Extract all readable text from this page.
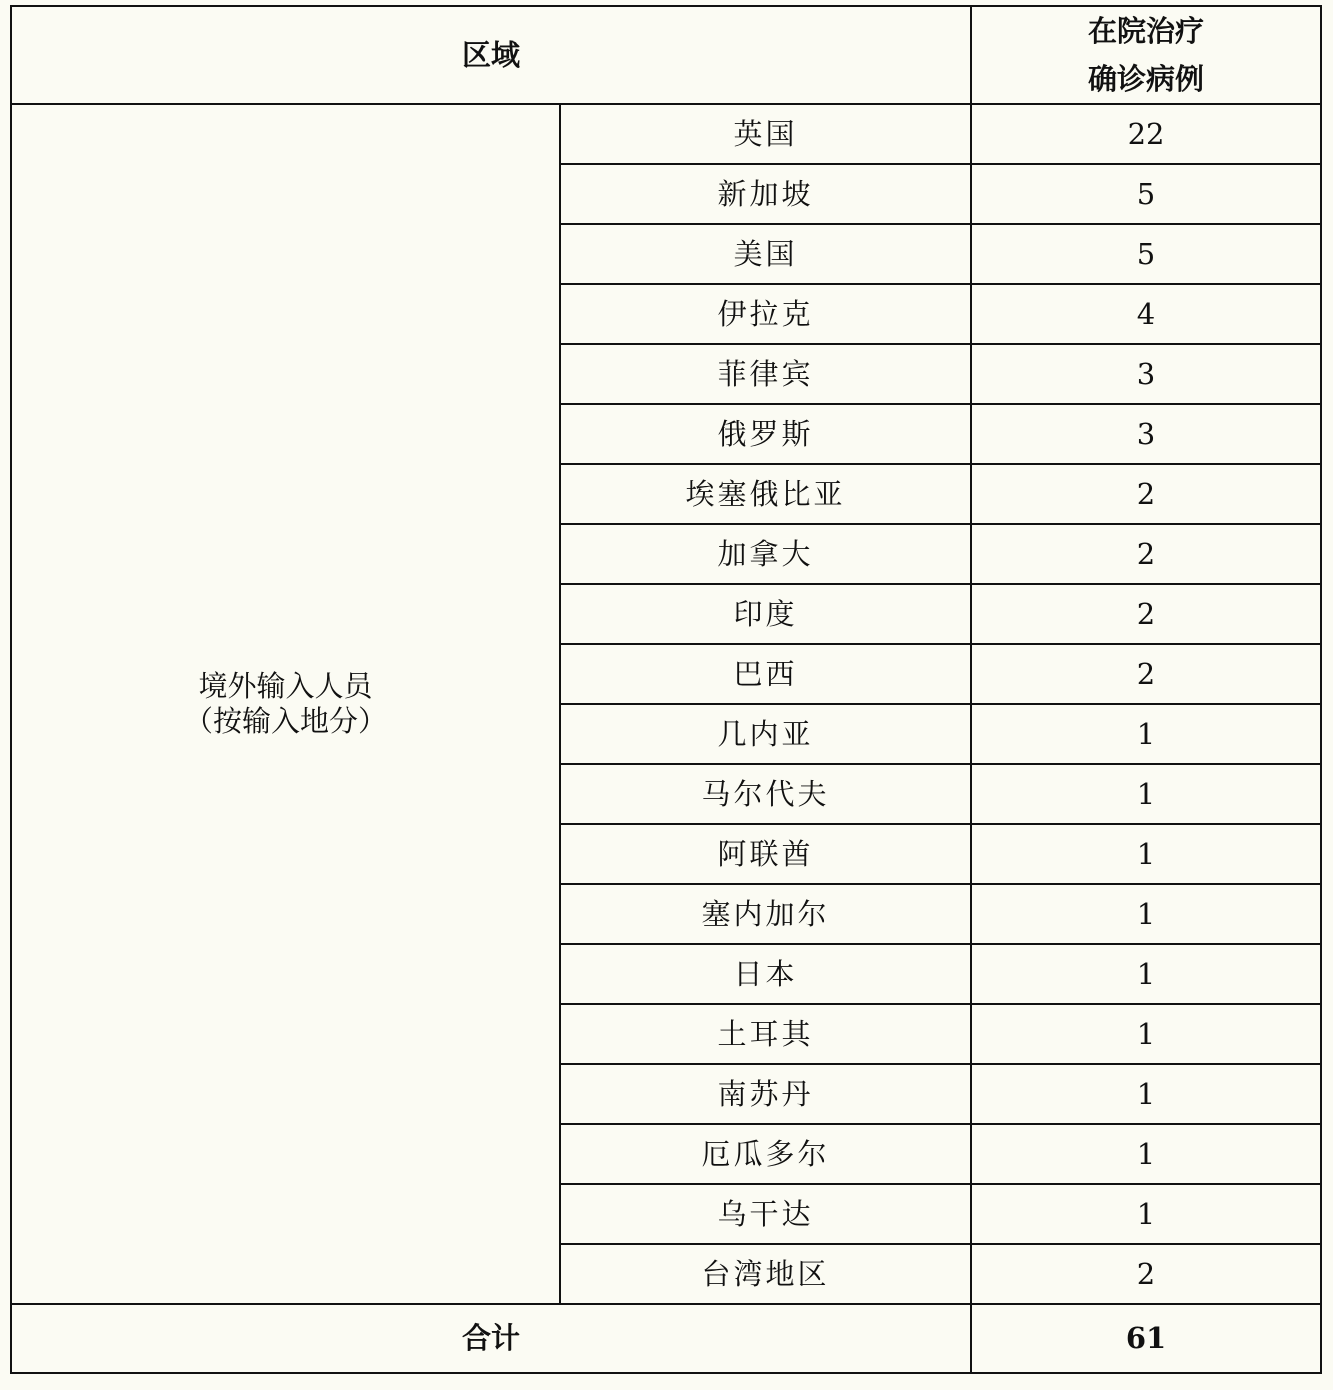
区域		在院治疗
确诊病例

境外输入人员
（按输入地分）	英国	22
	新加坡	5
	美国	5
	伊拉克	4
	菲律宾	3
	俄罗斯	3
	埃塞俄比亚	2
	加拿大	2
	印度	2
	巴西	2
	几内亚	1
	马尔代夫	1
	阿联酋	1
	塞内加尔	1
	日本	1
	土耳其	1
	南苏丹	1
	厄瓜多尔	1
	乌干达	1
	台湾地区	2
合计		61
